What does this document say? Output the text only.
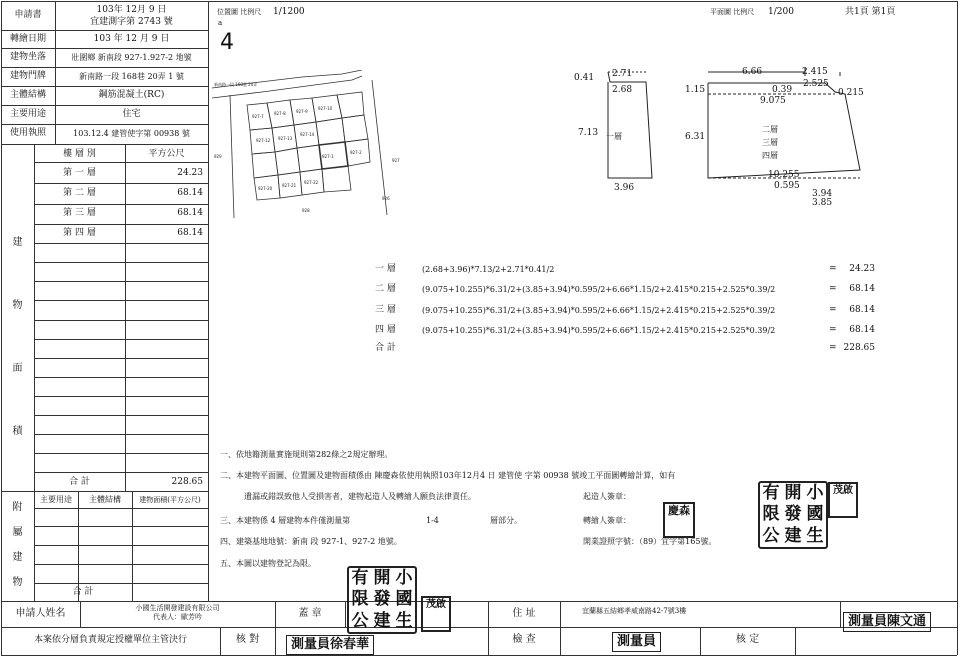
申請書	103年 12月 9 日
宜建測字第 2743 號
轉繪日期	103 年 12 月 9 日
建物坐落	壯圍鄉 新南段 927-1.927-2 地號
建物門牌	新南路一段 168巷 20弄 1 號
主體結構	鋼筋混凝土(RC)
主要用途	住宅
使用執照	103.12.4 建管使字第 00938 號
樓 層 別	平方公尺
第 一 層	24.23
第 二 層	68.14
第 三 層	68.14
第 四 層	68.14
建
物
面
積
合 計	228.65
主要用途	主體結構	建物面積(平方公尺)
附
屬
建
物
合 計
位置圖 比例尺 1/1200
4
a
新南路一段 168巷 20弄
927-7
927-8	927-9
927-10
927-12 927-13
927-14
927-1
927-2
927-20
927-21
927-22
929
927
928
926
平面圖 比例尺 1/200	共1頁 第1頁
0.41 2.71
2.68
7.13
3.96
一層
6.66	2.415
1.15	0.39
2.525
0.215
9.075
6.31
10.255
0.595
3.94
3.85
二層
三層
四層
一 層	(2.68+3.96)*7.13/2+2.71*0.41/2	=	24.23
二 層	(9.075+10.255)*6.31/2+(3.85+3.94)*0.595/2+6.66*1.15/2+2.415*0.215+2.525*0.39/2	=	68.14
三 層	(9.075+10.255)*6.31/2+(3.85+3.94)*0.595/2+6.66*1.15/2+2.415*0.215+2.525*0.39/2	=	68.14
四 層	(9.075+10.255)*6.31/2+(3.85+3.94)*0.595/2+6.66*1.15/2+2.415*0.215+2.525*0.39/2	=	68.14
合 計	= 228.65
一、依地籍測量實施規則第282條之2規定辦理。
二、本建物平面圖、位置圖及建物面積係由 陳慶森依使用執照103年12月4 日 建管使 字第 00938 號竣工平面圖轉繪計算，如有
遺漏或錯誤致他人受損害者，建物起造人及轉繪人願負法律責任。	起造人簽章：
三、本建物係 4 層建物本件僅測量第	1-4	層部分。	轉繪人簽章：
四、建築基地地號：新南 段 927-1、927-2 地號。	開業證照字號：（89）宜字第165號。
五、本圖以建物登記為限。
有 開 小
限 發 國
公 建 生
茂啟
有 開 小
限 發 國
公 建 生
茂啟
慶森
申請人姓名	小國生活開發建設有限公司
代表人：歐芳吟	蓋 章	住 址	宜蘭縣五結鄉孝威南路42-7號3樓
本案依分層負責規定授權單位主管決行	核 對	檢 查	核 定
測量員徐春華	測量員
測量員陳文通
